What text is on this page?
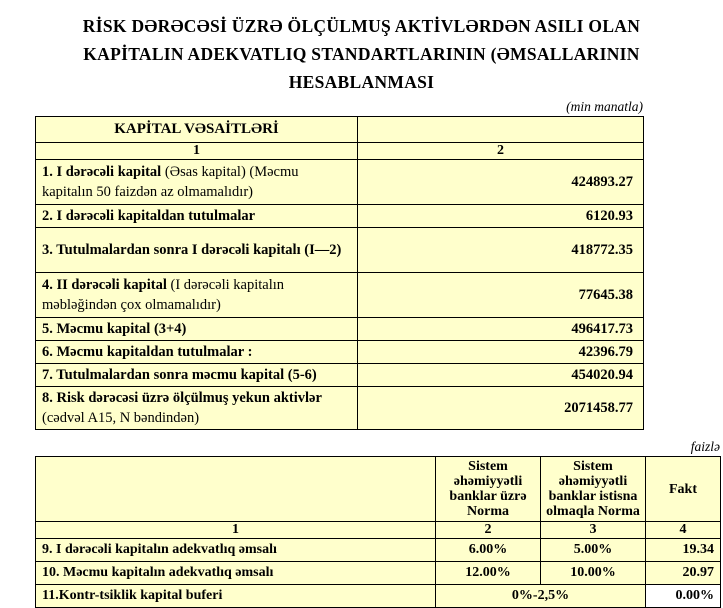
RİSK DƏRƏCƏSİ ÜZRƏ ÖLÇÜLMUŞ AKTİVLƏRDƏN ASILI OLAN
KAPİTALIN ADEKVATLIQ STANDARTLARININ (ƏMSALLARININ
HESABLANMASI
(min manatla)
KAPİTAL VƏSAİTLƏRİ	
1	2
1. I dərəcəli kapital (Əsas kapital) (Məcmu kapitalın 50 faizdən az olmamalıdır)	424893.27
2. I dərəcəli kapitaldan tutulmalar	6120.93
3. Tutulmalardan sonra I dərəcəli kapitalı (I—2)	418772.35
4. II dərəcəli kapital (I dərəcəli kapitalın məbləğindən çox olmamalıdır)	77645.38
5. Məcmu kapital (3+4)	496417.73
6. Məcmu kapitaldan tutulmalar :	42396.79
7. Tutulmalardan sonra məcmu kapital (5-6)	454020.94
8. Risk dərəcəsi üzrə ölçülmuş yekun aktivlər (cədvəl A15, N bəndindən)	2071458.77
faizlə
	Sistem əhəmiyyətli banklar üzrə Norma	Sistem əhəmiyyətli banklar istisna olmaqla Norma	Fakt
1	2	3	4
9. I dərəcəli kapitalın adekvatlıq əmsalı	6.00%	5.00%	19.34
10. Məcmu kapitalın adekvatlıq əmsalı	12.00%	10.00%	20.97
11.Kontr-tsiklik kapital buferi	0%-2,5%		0.00%
